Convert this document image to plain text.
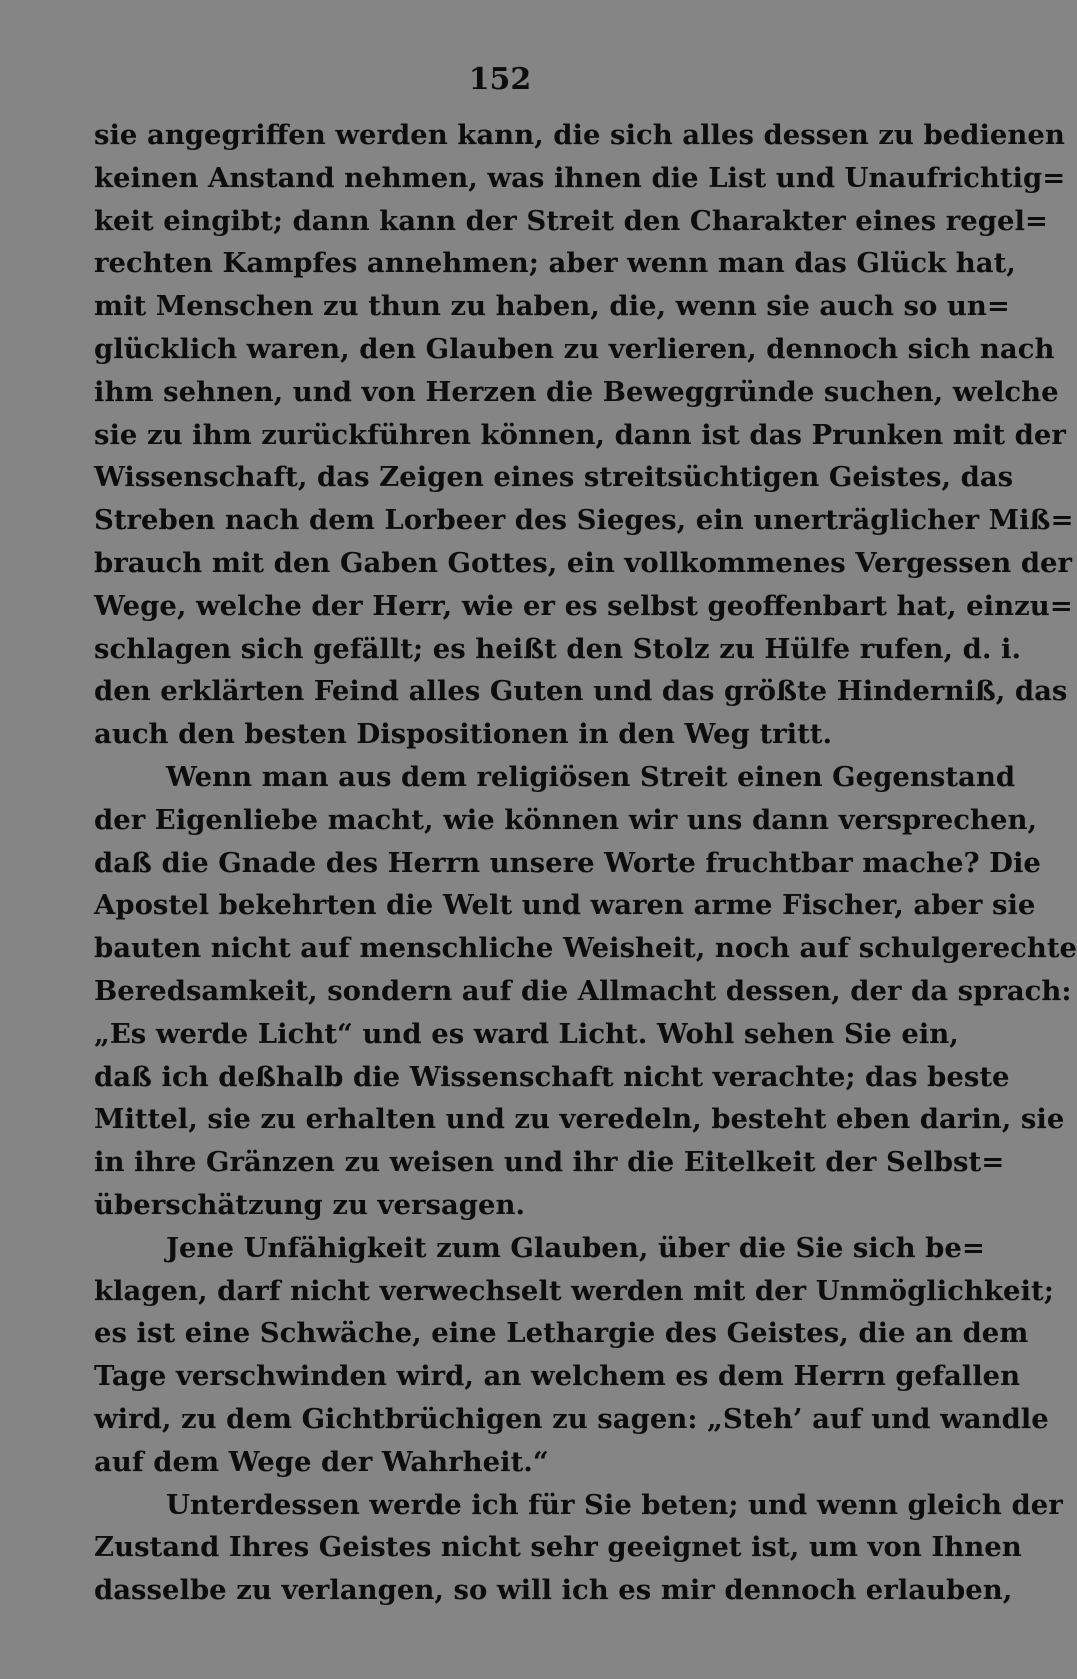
152
sie angegriffen werden kann, die sich alles dessen zu bedienen
keinen Anstand nehmen, was ihnen die List und Unaufrichtig=
keit eingibt; dann kann der Streit den Charakter eines regel=
rechten Kampfes annehmen; aber wenn man das Glück hat,
mit Menschen zu thun zu haben, die, wenn sie auch so un=
glücklich waren, den Glauben zu verlieren, dennoch sich nach
ihm sehnen, und von Herzen die Beweggründe suchen, welche
sie zu ihm zurückführen können, dann ist das Prunken mit der
Wissenschaft, das Zeigen eines streitsüchtigen Geistes, das
Streben nach dem Lorbeer des Sieges, ein unerträglicher Miß=
brauch mit den Gaben Gottes, ein vollkommenes Vergessen der
Wege, welche der Herr, wie er es selbst geoffenbart hat, einzu=
schlagen sich gefällt; es heißt den Stolz zu Hülfe rufen, d. i.
den erklärten Feind alles Guten und das größte Hinderniß, das
auch den besten Dispositionen in den Weg tritt.
Wenn man aus dem religiösen Streit einen Gegenstand
der Eigenliebe macht, wie können wir uns dann versprechen,
daß die Gnade des Herrn unsere Worte fruchtbar mache? Die
Apostel bekehrten die Welt und waren arme Fischer, aber sie
bauten nicht auf menschliche Weisheit, noch auf schulgerechte
Beredsamkeit, sondern auf die Allmacht dessen, der da sprach:
„Es werde Licht“ und es ward Licht. Wohl sehen Sie ein,
daß ich deßhalb die Wissenschaft nicht verachte; das beste
Mittel, sie zu erhalten und zu veredeln, besteht eben darin, sie
in ihre Gränzen zu weisen und ihr die Eitelkeit der Selbst=
überschätzung zu versagen.
Jene Unfähigkeit zum Glauben, über die Sie sich be=
klagen, darf nicht verwechselt werden mit der Unmöglichkeit;
es ist eine Schwäche, eine Lethargie des Geistes, die an dem
Tage verschwinden wird, an welchem es dem Herrn gefallen
wird, zu dem Gichtbrüchigen zu sagen: „Steh’ auf und wandle
auf dem Wege der Wahrheit.“
Unterdessen werde ich für Sie beten; und wenn gleich der
Zustand Ihres Geistes nicht sehr geeignet ist, um von Ihnen
dasselbe zu verlangen, so will ich es mir dennoch erlauben,
